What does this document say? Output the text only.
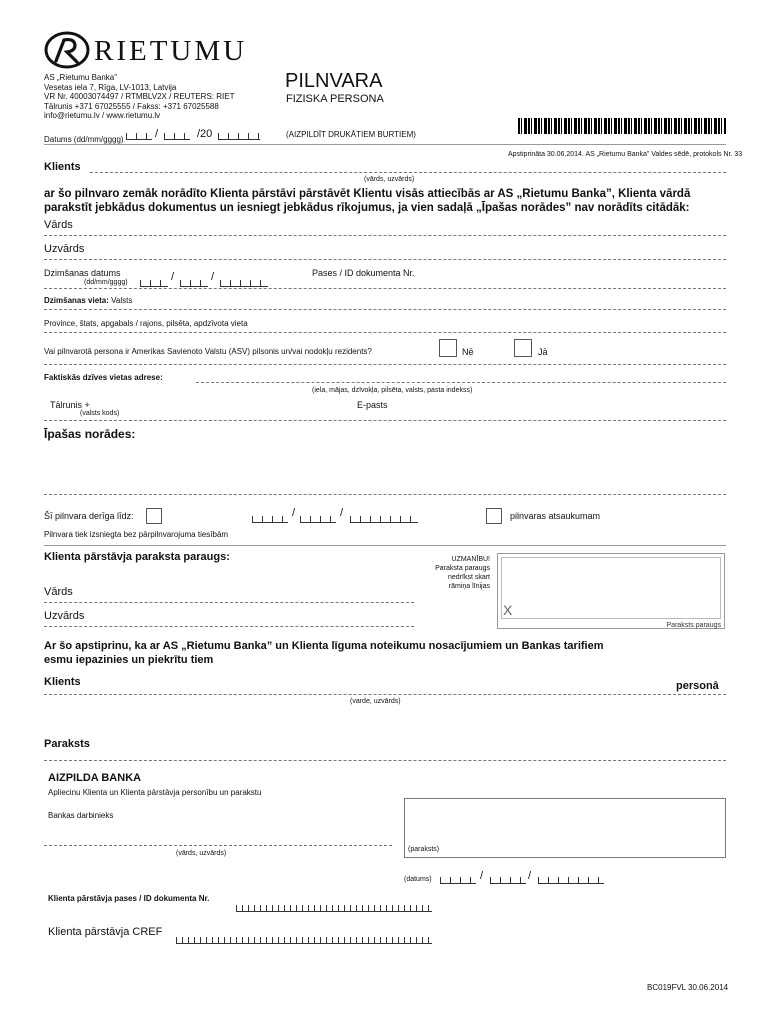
RIETUMU
AS „Rietumu Banka”
Vesetas iela 7, Rīga, LV-1013, Latvija
VR Nr. 40003074497 / RTMBLV2X / REUTERS: RIET
Tālrunis +371 67025555 / Fakss: +371 67025588
info@rietumu.lv / www.rietumu.lv
PILNVARA
FIZISKA PERSONA
Datums (dd/mm/gggg)	/	/20	(AIZPILDĪT DRUKĀTIEM BURTIEM)
Apstiprināta 30.06.2014. AS „Rietumu Banka” Valdes sēdē, protokols Nr. 33
Klients
(vārds, uzvārds)
ar šo pilnvaro zemāk norādīto Klienta pārstāvi pārstāvēt Klientu visās attiecībās ar AS „Rietumu Banka”, Klienta vārdā parakstīt jebkādus dokumentus un iesniegt jebkādus rīkojumus, ja vien sadaļā „Īpašas norādes” nav norādīts citādāk:
Vārds
Uzvārds
Dzimšanas datums
(dd/mm/gggg)	/	/	Pases / ID dokumenta Nr.
Dzimšanas vieta: Valsts
Province, štats, apgabals / rajons, pilsēta, apdzīvota vieta
Vai pilnvarotā persona ir Amerikas Savienoto Valstu (ASV) pilsonis un/vai nodokļu rezidents?	Nē	Jā
Faktiskās dzīves vietas adrese:
(iela, mājas, dzīvokļa, pilsēta, valsts, pasta indekss)
Tālrunis +
(valsts kods)
E-pasts
Īpašas norādes:
Šī pilnvara derīga līdz:	/	/	pilnvaras atsaukumam
Pilnvara tiek izsniegta bez pārpilnvarojuma tiesībām
Klienta pārstāvja paraksta paraugs:
Vārds
Uzvārds
UZMANĪBU!
Paraksta paraugs
nedrīkst skart
rāmiņa līnijas
X
Paraksts paraugs
Ar šo apstiprinu, ka ar AS „Rietumu Banka” un Klienta līguma noteikumu nosacījumiem un Bankas tarifiem esmu iepazinies un piekrītu tiem
Klients	personā
(varde, uzvārds)
Paraksts
AIZPILDA BANKA
Apliecinu Klienta un Klienta pārstāvja personību un parakstu
Bankas darbinieks
(vārds, uzvārds)
(paraksts)
(datums)	/	/
Klienta pārstāvja pases / ID dokumenta Nr.
Klienta pārstāvja CREF
BC019FVL 30.06.2014
